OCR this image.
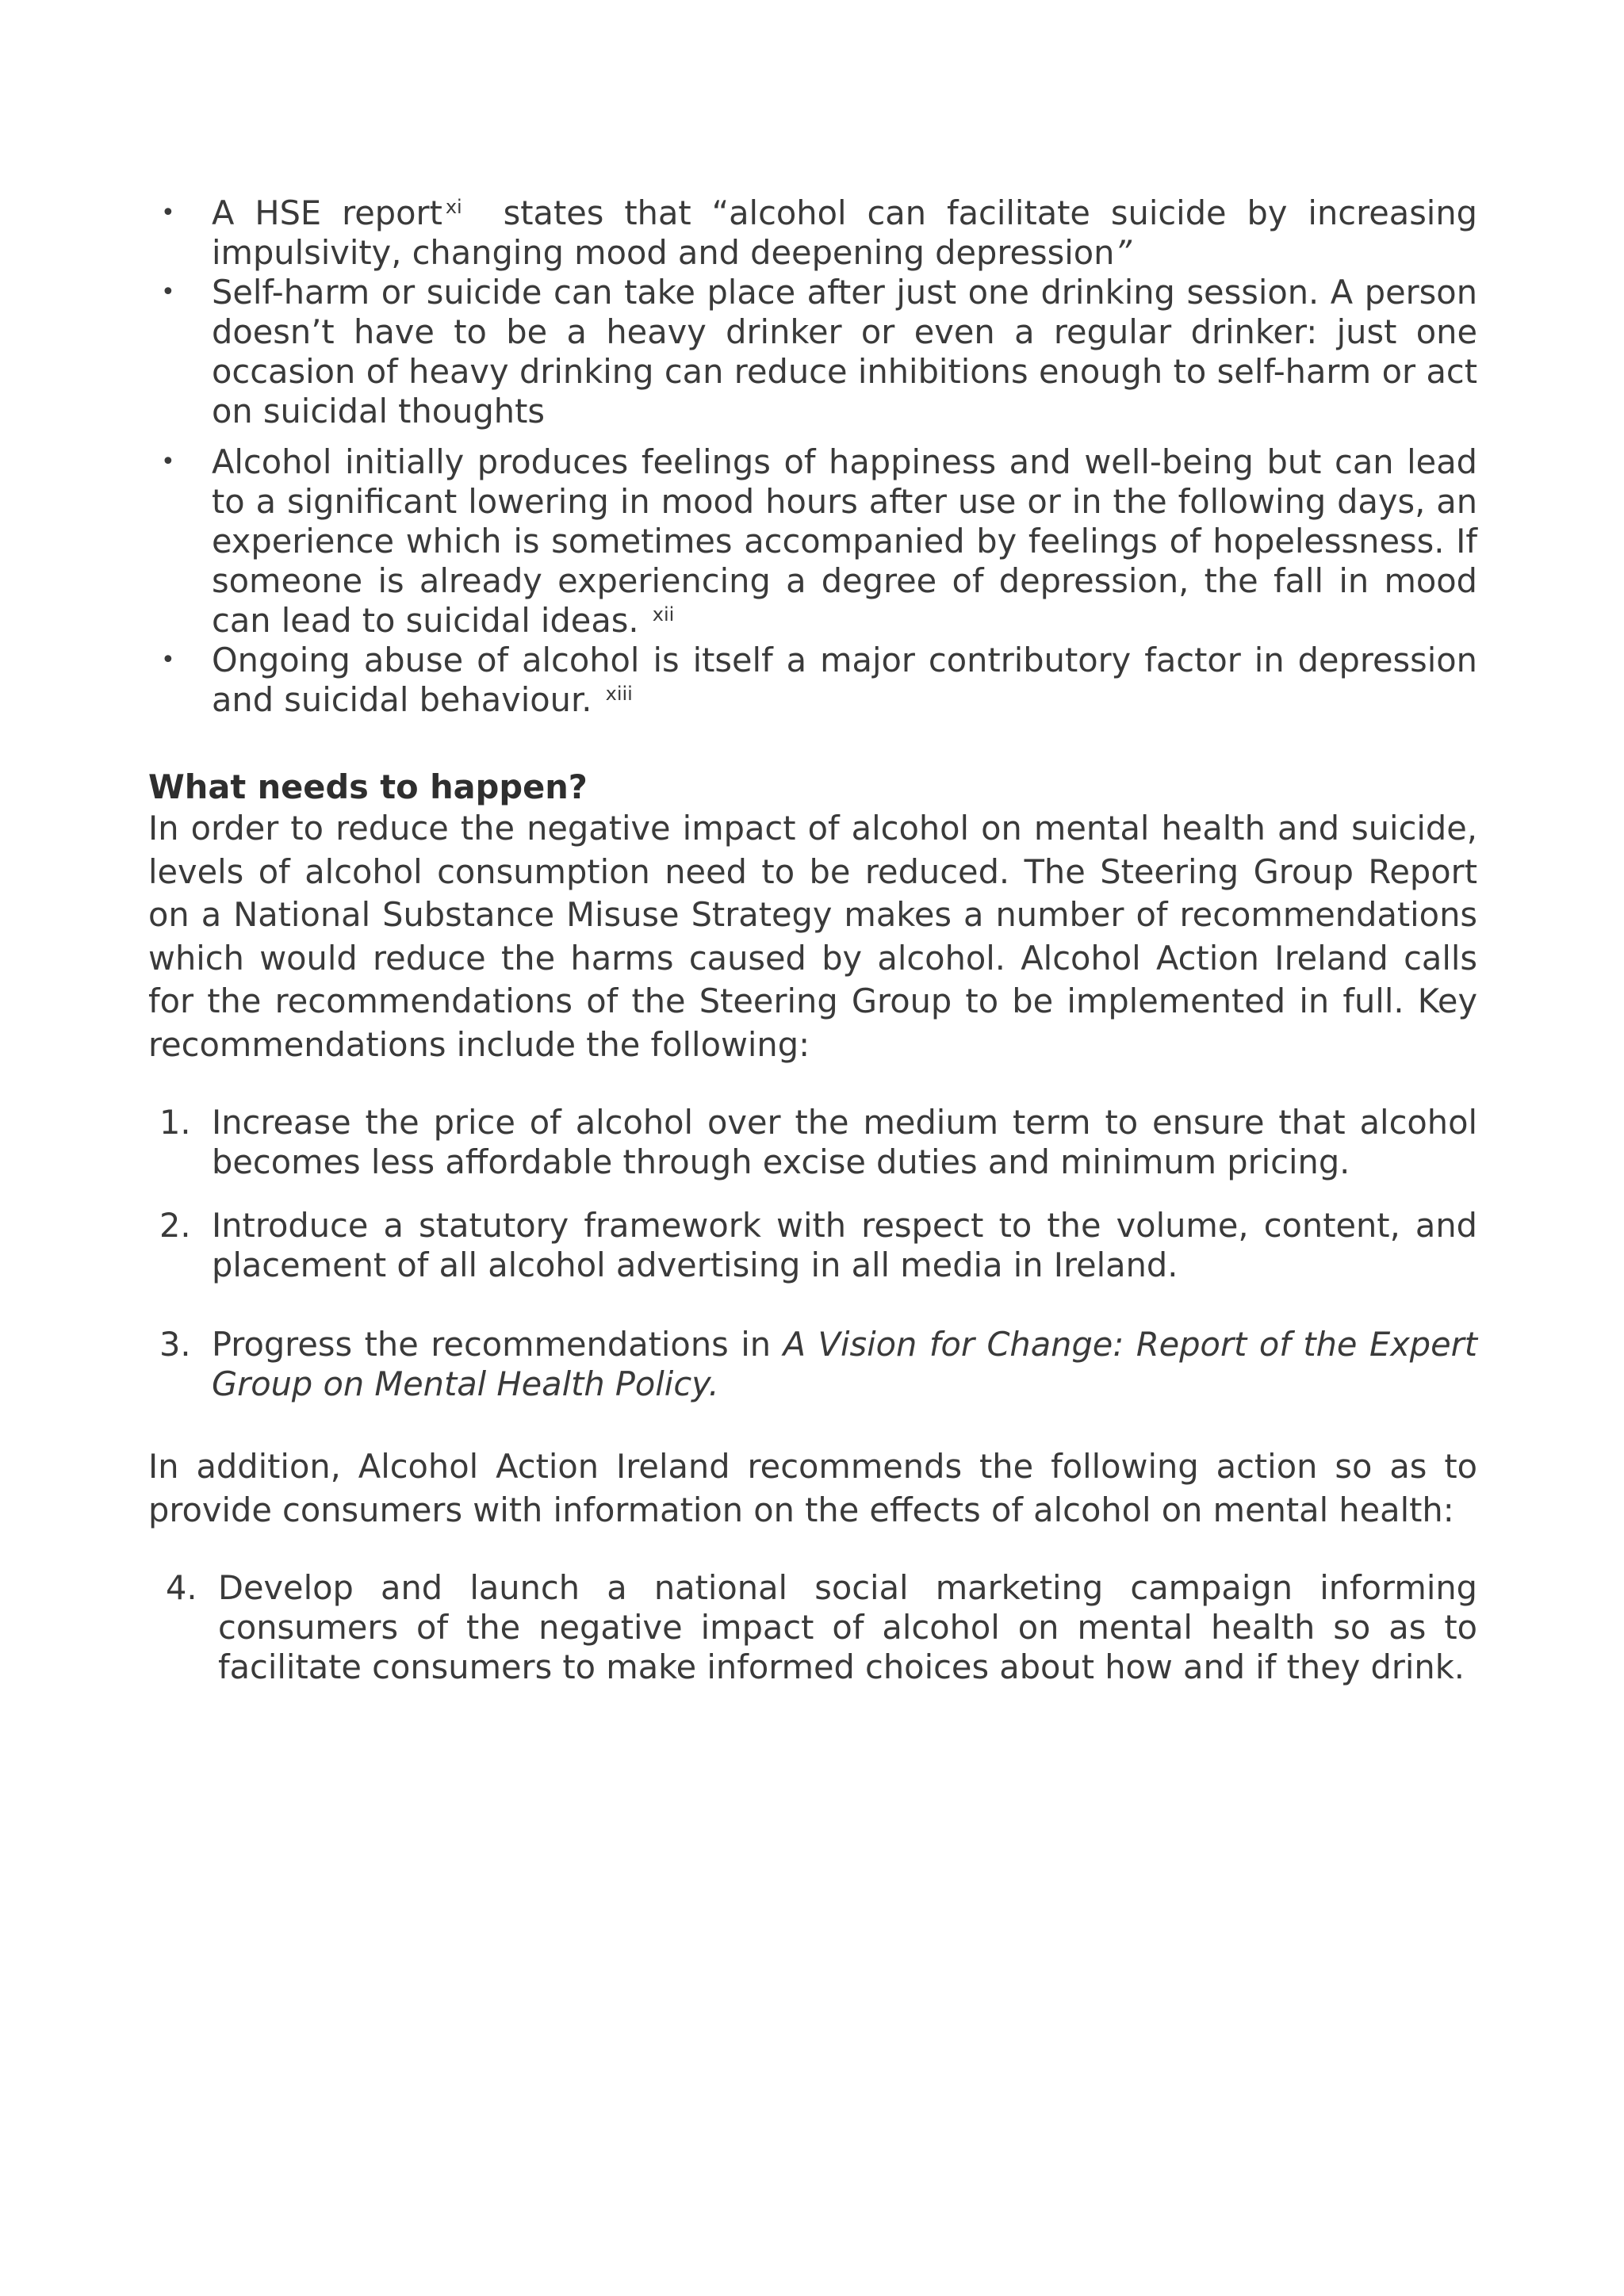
• A HSE report $^{xi}$ states that “alcohol can facilitate suicide by increasing impulsivity, changing mood and deepening depression”
• Self-harm or suicide can take place after just one drinking session. A person doesn’t have to be a heavy drinker or even a regular drinker: just one occasion of heavy drinking can reduce inhibitions enough to self-harm or act on suicidal thoughts
• Alcohol initially produces feelings of happiness and well-being but can lead to a significant lowering in mood hours after use or in the following days, an experience which is sometimes accompanied by feelings of hopelessness. If someone is already experiencing a degree of depression, the fall in mood can lead to suicidal ideas. $^{xii}$
• Ongoing abuse of alcohol is itself a major contributory factor in depression and suicidal behaviour. $^{xiii}$
What needs to happen?

In order to reduce the negative impact of alcohol on mental health and suicide, levels of alcohol consumption need to be reduced. The Steering Group Report on a National Substance Misuse Strategy makes a number of recommendations which would reduce the harms caused by alcohol. Alcohol Action Ireland calls for the recommendations of the Steering Group to be implemented in full. Key recommendations include the following:

1. Increase the price of alcohol over the medium term to ensure that alcohol becomes less affordable through excise duties and minimum pricing.
2. Introduce a statutory framework with respect to the volume, content, and placement of all alcohol advertising in all media in Ireland.
3. Progress the recommendations in A Vision for Change: Report of the Expert Group on Mental Health Policy.

In addition, Alcohol Action Ireland recommends the following action so as to provide consumers with information on the effects of alcohol on mental health:

4. Develop and launch a national social marketing campaign informing consumers of the negative impact of alcohol on mental health so as to facilitate consumers to make informed choices about how and if they drink.
